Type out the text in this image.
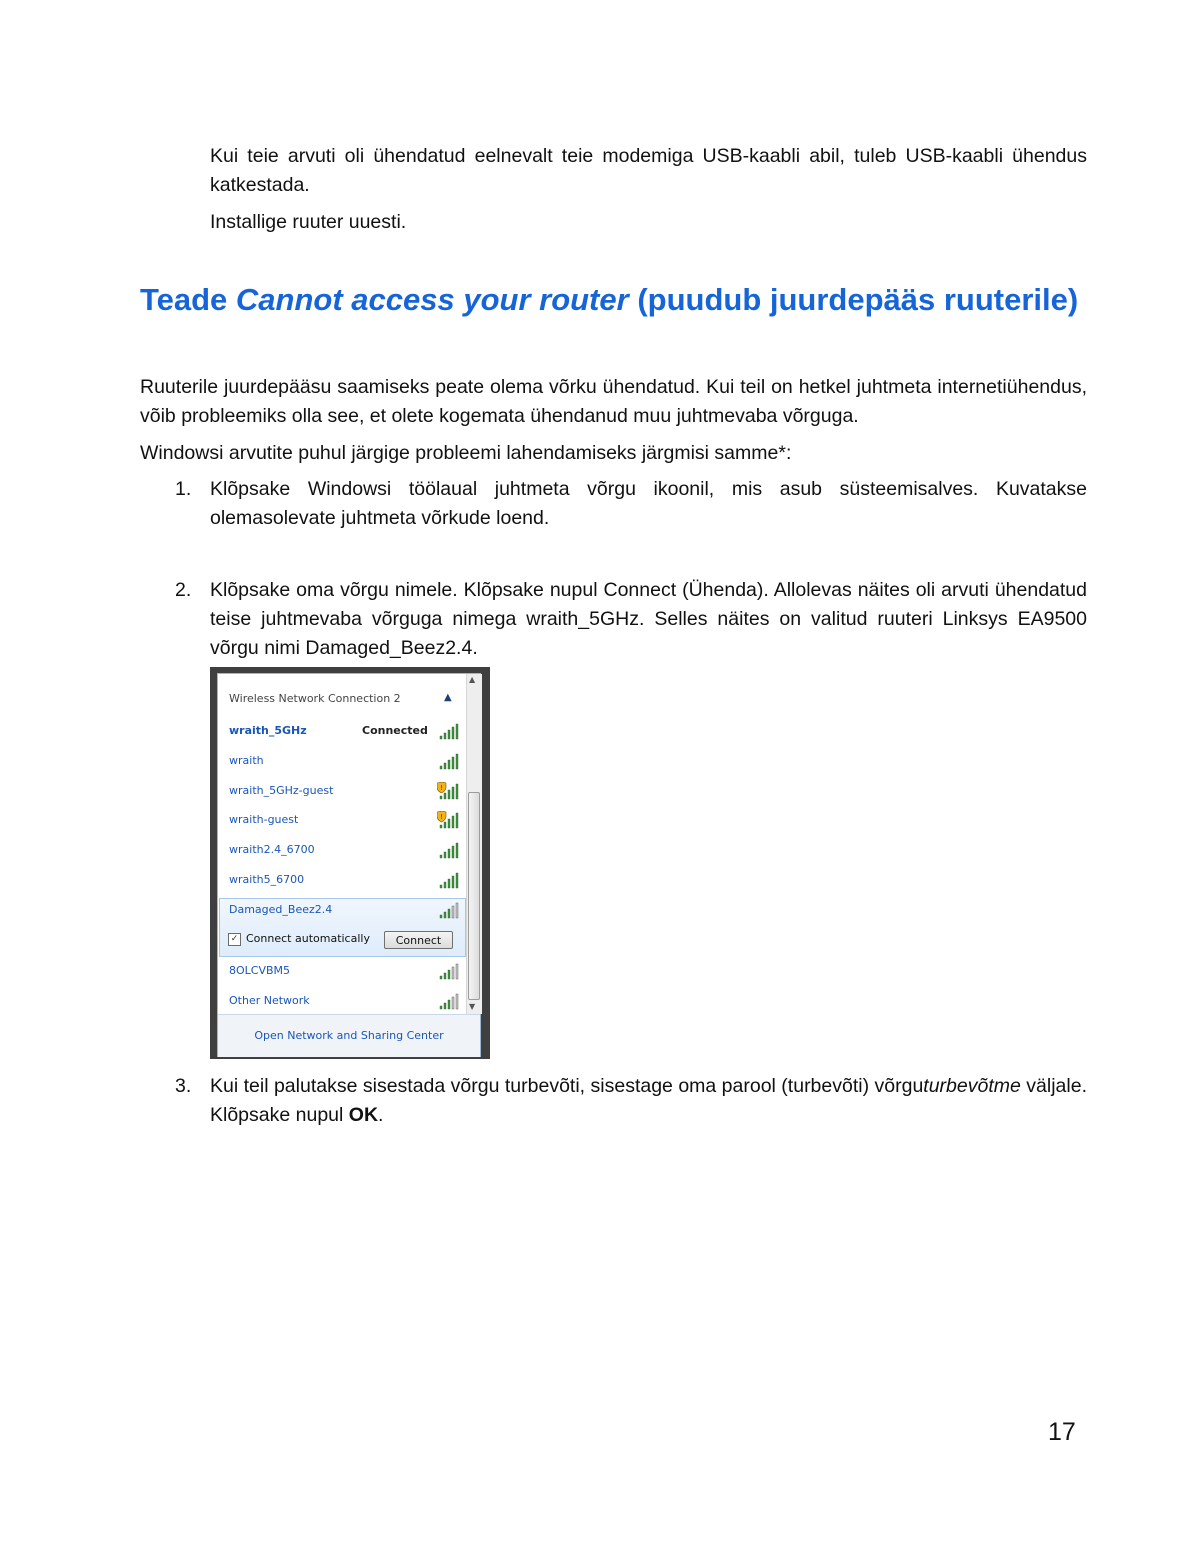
Kui teie arvuti oli ühendatud eelnevalt teie modemiga USB-kaabli abil, tuleb USB-kaabli ühendus katkestada.

Installige ruuter uuesti.

Teade Cannot access your router (puudub juurdepääs ruuterile)

Ruuterile juurdepääsu saamiseks peate olema võrku ühendatud. Kui teil on hetkel juhtmeta internetiühendus, võib probleemiks olla see, et olete kogemata ühendanud muu juhtmevaba võrguga.

Windowsi arvutite puhul järgige probleemi lahendamiseks järgmisi samme*:

1. Klõpsake Windowsi töölaual juhtmeta võrgu ikoonil, mis asub süsteemisalves. Kuvatakse olemasolevate juhtmeta võrkude loend.

2. Klõpsake oma võrgu nimele. Klõpsake nupul Connect (Ühenda). Allolevas näites oli arvuti ühendatud teise juhtmevaba võrguga nimega wraith_5GHz. Selles näites on valitud ruuteri Linksys EA9500 võrgu nimi Damaged_Beez2.4.

Wireless Network Connection 2	▲
wraith_5GHz	Connected
wraith
wraith_5GHz-guest	!
wraith-guest	!
wraith2.4_6700
wraith5_6700
Damaged_Beez2.4
8OLCVBM5
Other Network
✓ Connect automatically	Connect
▲
▼
Open Network and Sharing Center
3. Kui teil palutakse sisestada võrgu turbevõti, sisestage oma parool (turbevõti) võrguturbevõtme väljale. Klõpsake nupul OK.

17
